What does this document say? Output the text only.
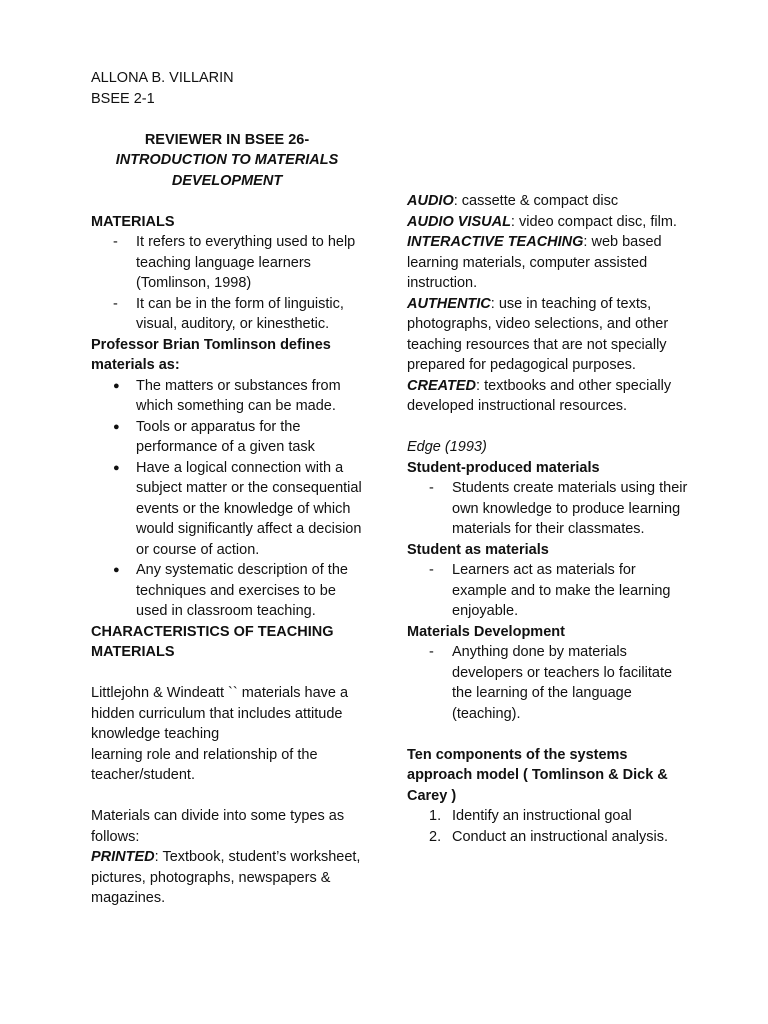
ALLONA B. VILLARIN

BSEE 2-1

REVIEWER IN BSEE 26-

INTRODUCTION TO MATERIALS DEVELOPMENT

MATERIALS

- It refers to everything used to help teaching language learners (Tomlinson, 1998)
- It can be in the form of linguistic, visual, auditory, or kinesthetic.

Professor Brian Tomlinson defines materials as:

● The matters or substances from which something can be made.
● Tools or apparatus for the performance of a given task
● Have a logical connection with a subject matter or the consequential events or the knowledge of which would significantly affect a decision or course of action.
● Any systematic description of the techniques and exercises to be used in classroom teaching.

CHARACTERISTICS OF TEACHING MATERIALS

Littlejohn & Windeatt `` materials have a hidden curriculum that includes attitude knowledge teaching

learning role and relationship of the teacher/student.

Materials can divide into some types as follows:

PRINTED: Textbook, student’s worksheet, pictures, photographs, newspapers & magazines.

AUDIO: cassette & compact disc

AUDIO VISUAL: video compact disc, film.

INTERACTIVE TEACHING: web based learning materials, computer assisted instruction.

AUTHENTIC: use in teaching of texts, photographs, video selections, and other teaching resources that are not specially prepared for pedagogical purposes.

CREATED: textbooks and other specially developed instructional resources.

Edge (1993)

Student-produced materials

- Students create materials using their own knowledge to produce learning materials for their classmates.

Student as materials

- Learners act as materials for example and to make the learning enjoyable.

Materials Development

- Anything done by materials developers or teachers lo facilitate the learning of the language (teaching).

Ten components of the systems approach model ( Tomlinson & Dick & Carey )

1. Identify an instructional goal
2. Conduct an instructional analysis.
